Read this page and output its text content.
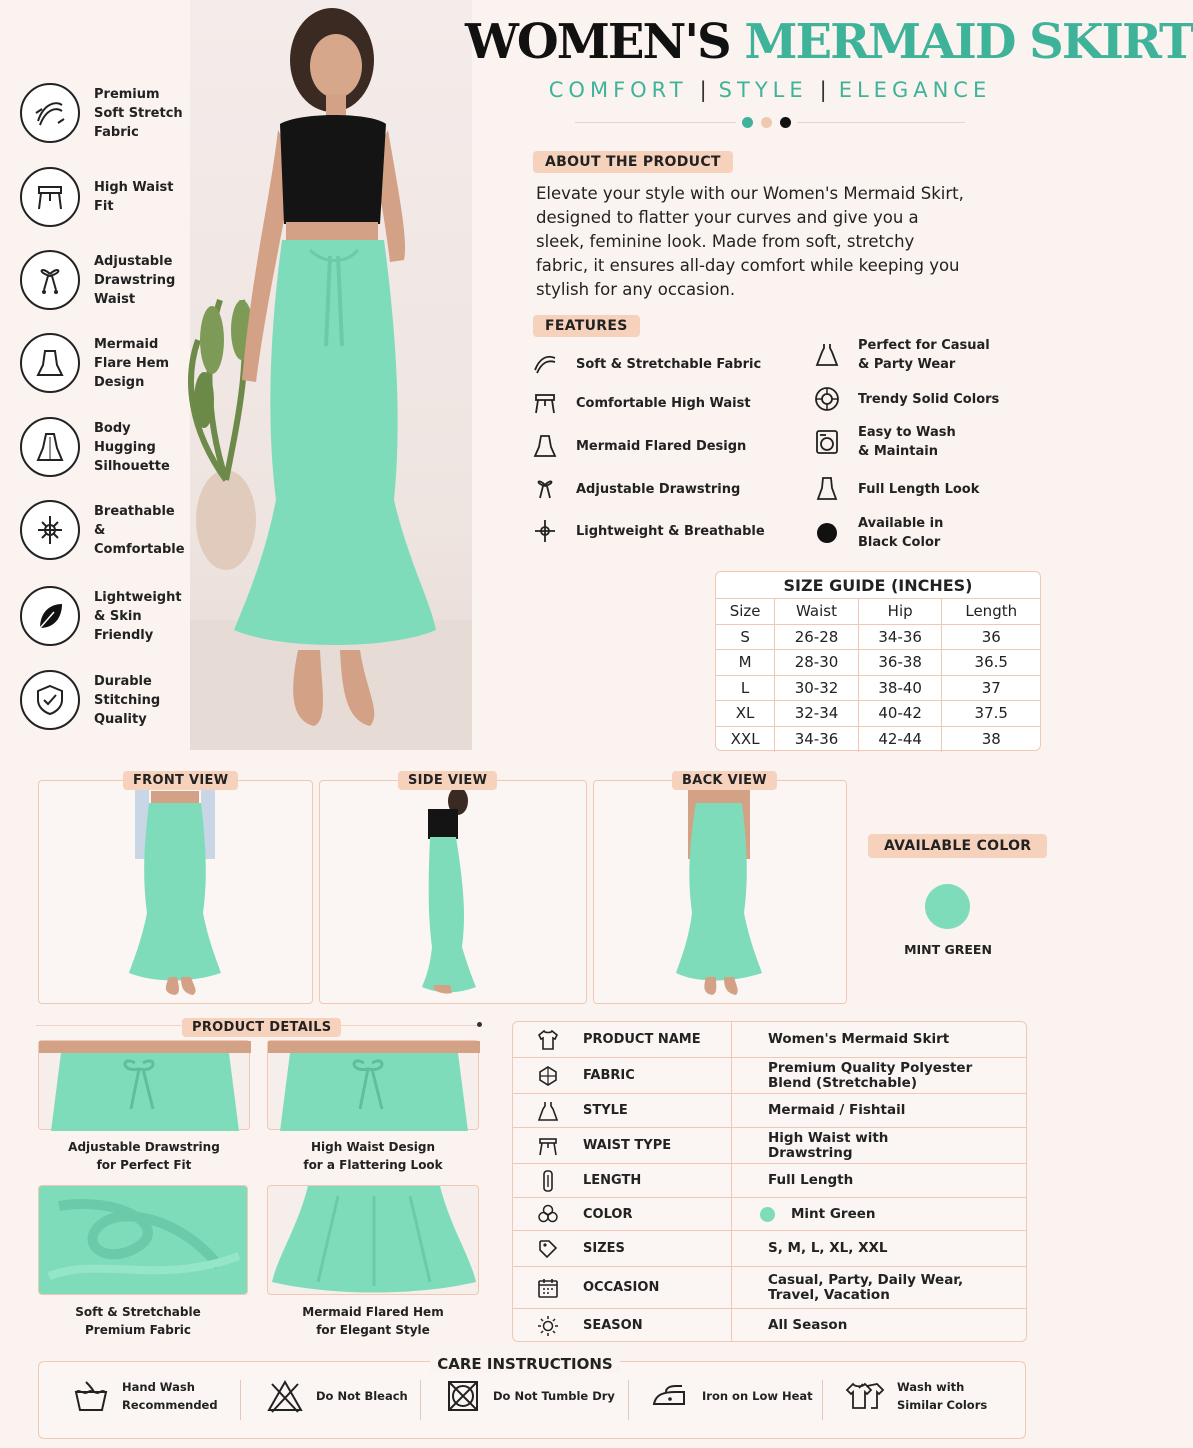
Premium
Soft Stretch
Fabric
High Waist
Fit
Adjustable
Drawstring
Waist
Mermaid
Flare Hem
Design
Body Hugging
Silhouette
Breathable
& Comfortable
Lightweight
& Skin
Friendly
Durable
Stitching
Quality
WOMEN'S MERMAID SKIRT
COMFORT | STYLE | ELEGANCE
ABOUT THE PRODUCT
Elevate your style with our Women's Mermaid Skirt, designed to flatter your curves and give you a sleek, feminine look. Made from soft, stretchy fabric, it ensures all-day comfort while keeping you stylish for any occasion.
FEATURES
Soft & Stretchable Fabric
Comfortable High Waist
Mermaid Flared Design
Adjustable Drawstring
Lightweight & Breathable
Perfect for Casual
& Party Wear
Trendy Solid Colors
Easy to Wash
& Maintain
Full Length Look
Available in
Black Color
SIZE GUIDE (INCHES)
Size	Waist	Hip	Length
S	26-28	34-36	36
M	28-30	36-38	36.5
L	30-32	38-40	37
XL	32-34	40-42	37.5
XXL	34-36	42-44	38
FRONT VIEW	SIDE VIEW	BACK VIEW
AVAILABLE COLOR
MINT GREEN
PRODUCT DETAILS
Adjustable Drawstring
for Perfect Fit
High Waist Design
for a Flattering Look
Soft & Stretchable
Premium Fabric
Mermaid Flared Hem
for Elegant Style
PRODUCT NAME	Women's Mermaid Skirt
FABRIC	Premium Quality Polyester
Blend (Stretchable)
STYLE	Mermaid / Fishtail
WAIST TYPE	High Waist with
Drawstring
LENGTH	Full Length
COLOR	Mint Green
SIZES	S, M, L, XL, XXL
OCCASION	Casual, Party, Daily Wear,
Travel, Vacation
SEASON	All Season
CARE INSTRUCTIONS
Hand Wash
Recommended
Do Not Bleach	Do Not Tumble Dry	Iron on Low Heat
Wash with
Similar Colors
